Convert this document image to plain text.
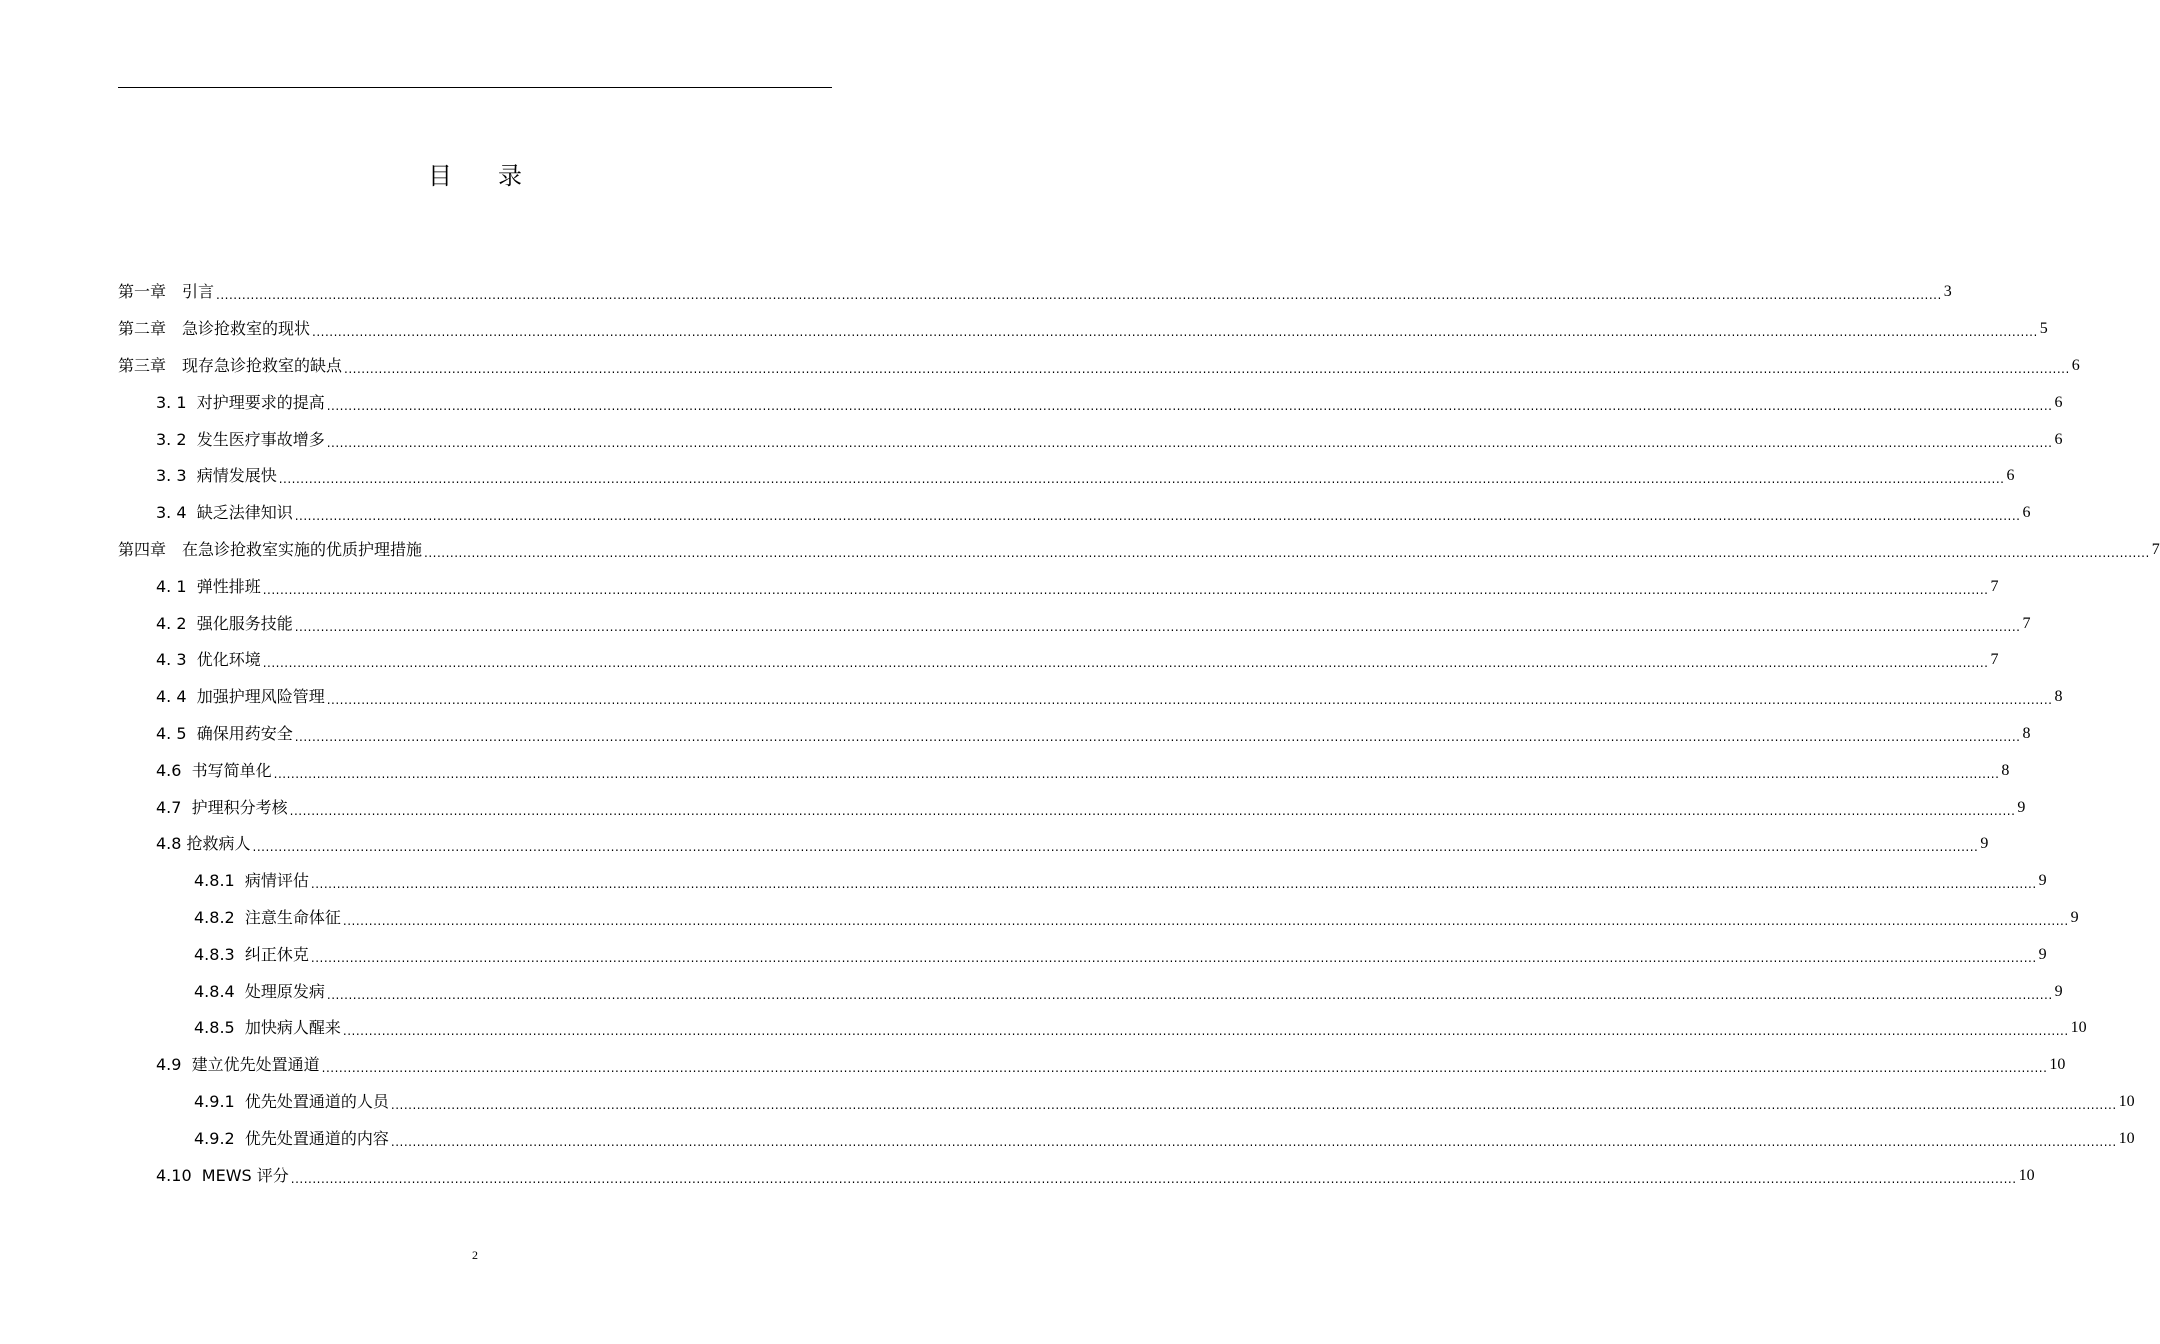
目录
第一章　引言 ................................................................................................................................................................................................................................................................................................................................................................................................................ 3
第二章　急诊抢救室的现状 ................................................................................................................................................................................................................................................................................................................................................................................................................ 5
第三章　现存急诊抢救室的缺点 ................................................................................................................................................................................................................................................................................................................................................................................................................ 6
3. 1  对护理要求的提高 ................................................................................................................................................................................................................................................................................................................................................................................................................ 6
3. 2  发生医疗事故增多 ................................................................................................................................................................................................................................................................................................................................................................................................................ 6
3. 3  病情发展快 ................................................................................................................................................................................................................................................................................................................................................................................................................ 6
3. 4  缺乏法律知识 ................................................................................................................................................................................................................................................................................................................................................................................................................ 6
第四章　在急诊抢救室实施的优质护理措施 ................................................................................................................................................................................................................................................................................................................................................................................................................ 7
4. 1  弹性排班 ................................................................................................................................................................................................................................................................................................................................................................................................................ 7
4. 2  强化服务技能 ................................................................................................................................................................................................................................................................................................................................................................................................................ 7
4. 3  优化环境 ................................................................................................................................................................................................................................................................................................................................................................................................................ 7
4. 4  加强护理风险管理 ................................................................................................................................................................................................................................................................................................................................................................................................................ 8
4. 5  确保用药安全 ................................................................................................................................................................................................................................................................................................................................................................................................................ 8
4.6  书写简单化 ................................................................................................................................................................................................................................................................................................................................................................................................................ 8
4.7  护理积分考核 ................................................................................................................................................................................................................................................................................................................................................................................................................ 9
4.8 抢救病人 ................................................................................................................................................................................................................................................................................................................................................................................................................ 9
4.8.1  病情评估 ................................................................................................................................................................................................................................................................................................................................................................................................................ 9
4.8.2  注意生命体征 ................................................................................................................................................................................................................................................................................................................................................................................................................ 9
4.8.3  纠正休克 ................................................................................................................................................................................................................................................................................................................................................................................................................ 9
4.8.4  处理原发病 ................................................................................................................................................................................................................................................................................................................................................................................................................ 9
4.8.5  加快病人醒来 ................................................................................................................................................................................................................................................................................................................................................................................................................ 10
4.9  建立优先处置通道 ................................................................................................................................................................................................................................................................................................................................................................................................................ 10
4.9.1  优先处置通道的人员 ................................................................................................................................................................................................................................................................................................................................................................................................................ 10
4.9.2  优先处置通道的内容 ................................................................................................................................................................................................................................................................................................................................................................................................................ 10
4.10  MEWS 评分 ................................................................................................................................................................................................................................................................................................................................................................................................................ 10
2
